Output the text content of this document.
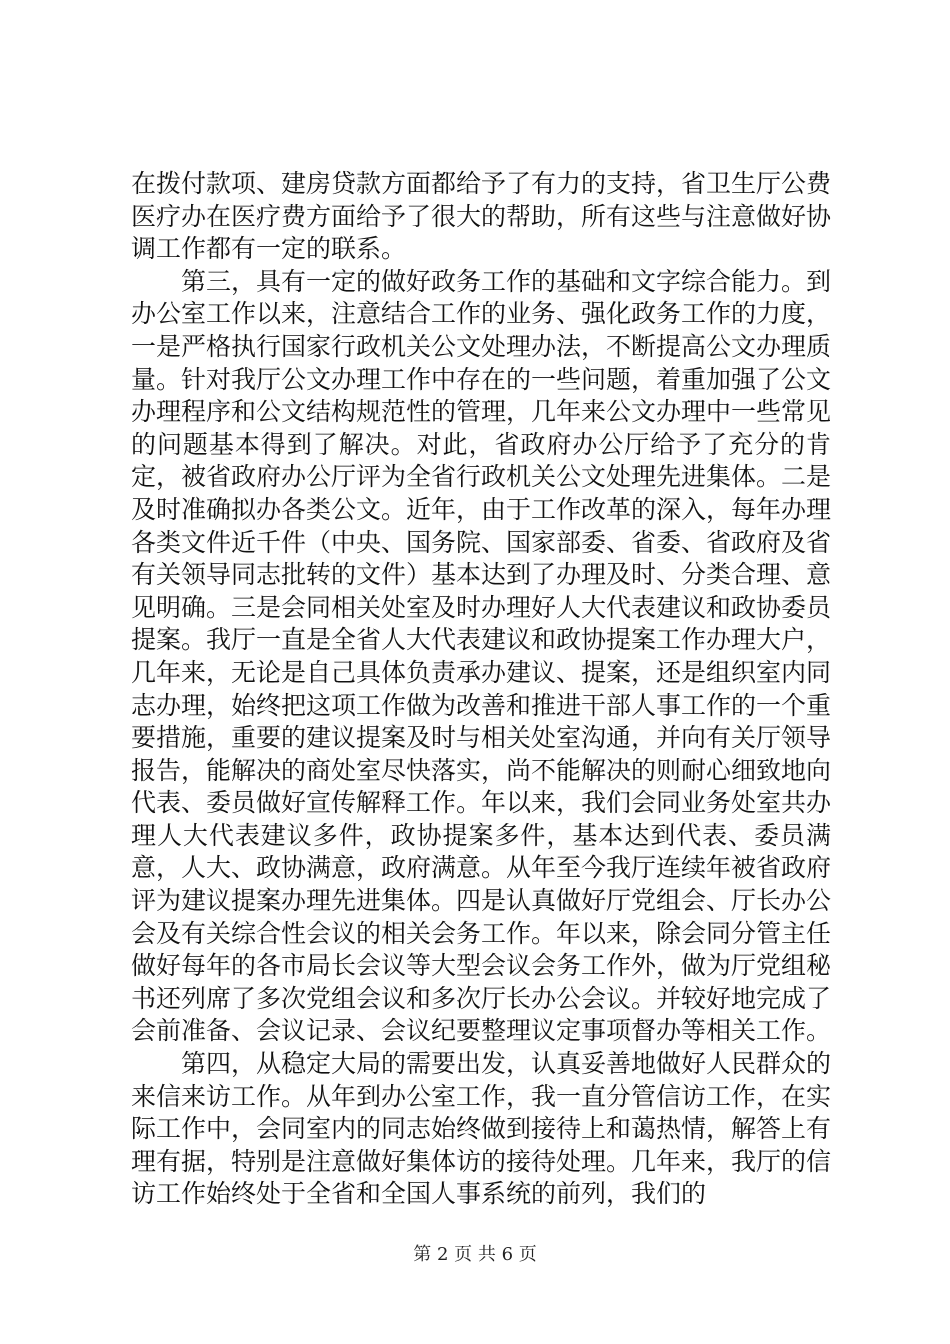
在拨付款项、建房贷款方面都给予了有力的支持，省卫生厅公费医疗办在医疗费方面给予了很大的帮助，所有这些与注意做好协调工作都有一定的联系。

第三，具有一定的做好政务工作的基础和文字综合能力。到办公室工作以来，注意结合工作的业务、强化政务工作的力度，一是严格执行国家行政机关公文处理办法，不断提高公文办理质量。针对我厅公文办理工作中存在的一些问题，着重加强了公文办理程序和公文结构规范性的管理，几年来公文办理中一些常见的问题基本得到了解决。对此，省政府办公厅给予了充分的肯定，被省政府办公厅评为全省行政机关公文处理先进集体。二是及时准确拟办各类公文。近年，由于工作改革的深入，每年办理各类文件近千件（中央、国务院、国家部委、省委、省政府及省有关领导同志批转的文件）基本达到了办理及时、分类合理、意见明确。三是会同相关处室及时办理好人大代表建议和政协委员提案。我厅一直是全省人大代表建议和政协提案工作办理大户，几年来，无论是自己具体负责承办建议、提案，还是组织室内同志办理，始终把这项工作做为改善和推进干部人事工作的一个重要措施，重要的建议提案及时与相关处室沟通，并向有关厅领导报告，能解决的商处室尽快落实，尚不能解决的则耐心细致地向代表、委员做好宣传解释工作。年以来，我们会同业务处室共办理人大代表建议多件，政协提案多件，基本达到代表、委员满意，人大、政协满意，政府满意。从年至今我厅连续年被省政府评为建议提案办理先进集体。四是认真做好厅党组会、厅长办公会及有关综合性会议的相关会务工作。年以来，除会同分管主任做好每年的各市局长会议等大型会议会务工作外，做为厅党组秘书还列席了多次党组会议和多次厅长办公会议。并较好地完成了会前准备、会议记录、会议纪要整理议定事项督办等相关工作。

第四，从稳定大局的需要出发，认真妥善地做好人民群众的来信来访工作。从年到办公室工作，我一直分管信访工作，在实际工作中，会同室内的同志始终做到接待上和蔼热情，解答上有理有据，特别是注意做好集体访的接待处理。几年来，我厅的信访工作始终处于全省和全国人事系统的前列，我们的

第 2 页 共 6 页
